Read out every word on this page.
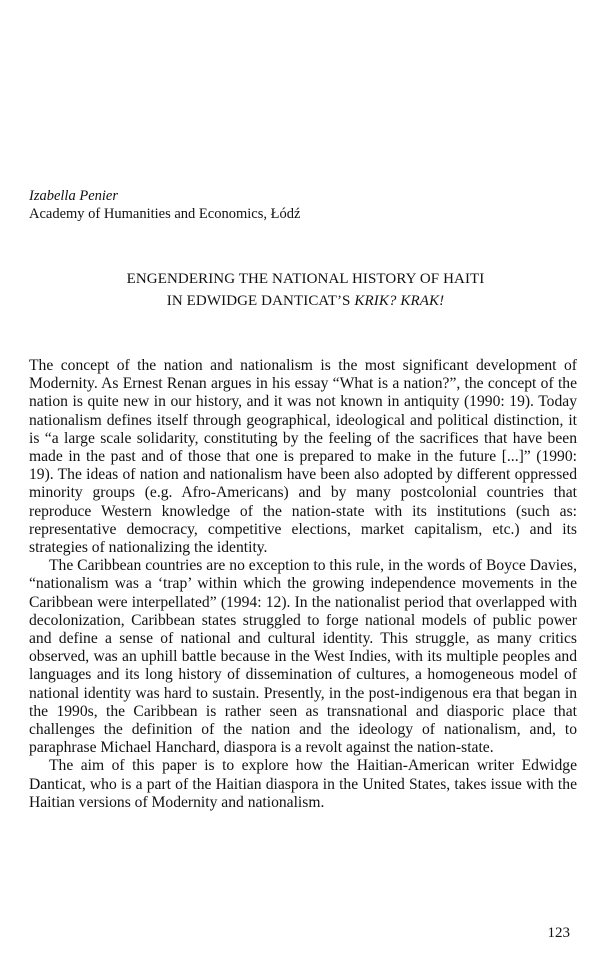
Izabella Penier
Academy of Humanities and Economics, Łódź
ENGENDERING THE NATIONAL HISTORY OF HAITI
IN EDWIDGE DANTICAT’S KRIK? KRAK!

The concept of the nation and nationalism is the most significant development of Modernity. As Ernest Renan argues in his essay “What is a nation?”, the concept of the nation is quite new in our history, and it was not known in antiquity (1990: 19). Today nationalism defines itself through geographical, ideological and political distinction, it is “a large scale solidarity, constituting by the feeling of the sacrifices that have been made in the past and of those that one is prepared to make in the future [...]” (1990: 19). The ideas of nation and nationalism have been also adopted by different oppressed minority groups (e.g. Afro-Americans) and by many postcolonial countries that reproduce Western knowledge of the nation-state with its institutions (such as: representative democracy, competitive elections, market capitalism, etc.) and its strategies of nationalizing the identity.

The Caribbean countries are no exception to this rule, in the words of Boyce Davies, “nationalism was a ‘trap’ within which the growing independence movements in the Caribbean were interpellated” (1994: 12). In the nationalist period that overlapped with decolonization, Caribbean states struggled to forge national models of public power and define a sense of national and cultural identity. This struggle, as many critics observed, was an uphill battle because in the West Indies, with its multiple peoples and languages and its long history of dissemination of cultures, a homogeneous model of national identity was hard to sustain. Presently, in the post-indigenous era that began in the 1990s, the Caribbean is rather seen as transnational and diasporic place that challenges the definition of the nation and the ideology of nationalism, and, to paraphrase Michael Hanchard, diaspora is a revolt against the nation-state.

The aim of this paper is to explore how the Haitian-American writer Edwidge Danticat, who is a part of the Haitian diaspora in the United States, takes issue with the Haitian versions of Modernity and nationalism.

123
